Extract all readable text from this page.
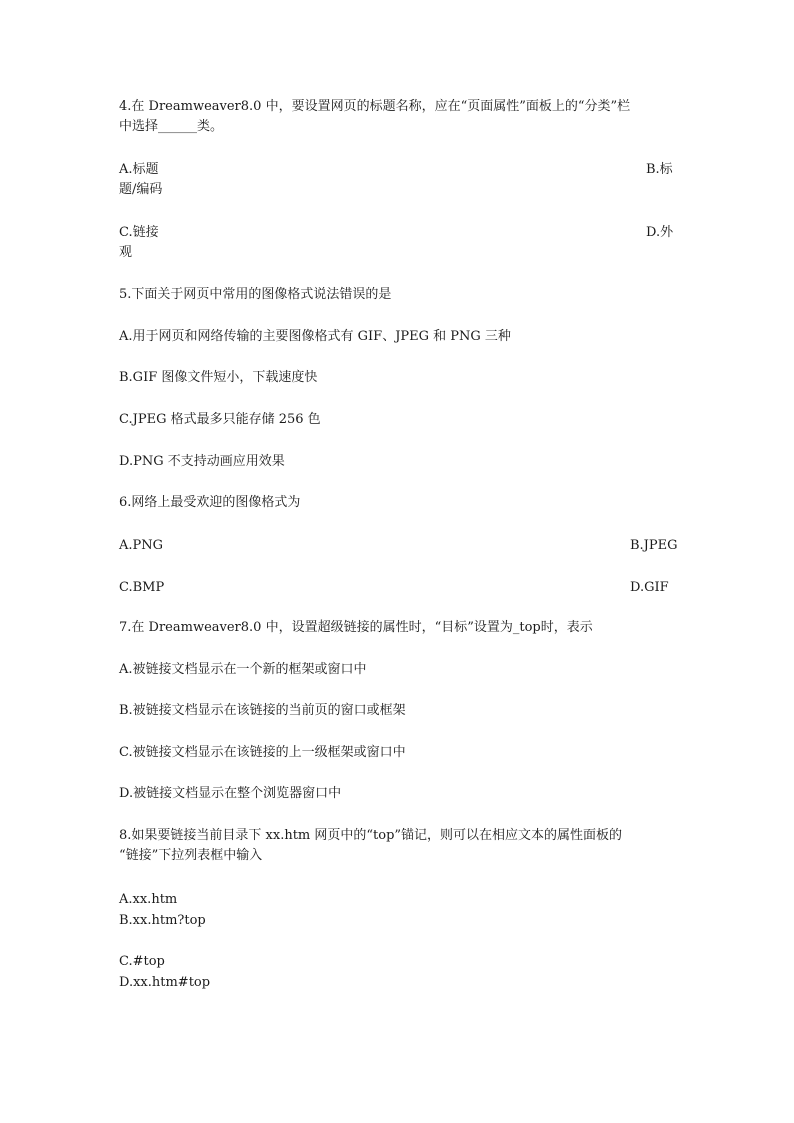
4.在 Dreamweaver8.0 中，要设置网页的标题名称，应在“页面属性”面板上的“分类”栏
中选择______类。
A.标题	B.标
题/编码
C.链接	D.外
观
5.下面关于网页中常用的图像格式说法错误的是
A.用于网页和网络传输的主要图像格式有 GIF、JPEG 和 PNG 三种
B.GIF 图像文件短小，下载速度快
C.JPEG 格式最多只能存储 256 色
D.PNG 不支持动画应用效果
6.网络上最受欢迎的图像格式为
A.PNG	B.JPEG
C.BMP	D.GIF
7.在 Dreamweaver8.0 中，设置超级链接的属性时，“目标”设置为_top时，表示
A.被链接文档显示在一个新的框架或窗口中
B.被链接文档显示在该链接的当前页的窗口或框架
C.被链接文档显示在该链接的上一级框架或窗口中
D.被链接文档显示在整个浏览器窗口中
8.如果要链接当前目录下 xx.htm 网页中的“top”锚记，则可以在相应文本的属性面板的
“链接”下拉列表框中输入
A.xx.htm
B.xx.htm?top
C.#top
D.xx.htm#top
